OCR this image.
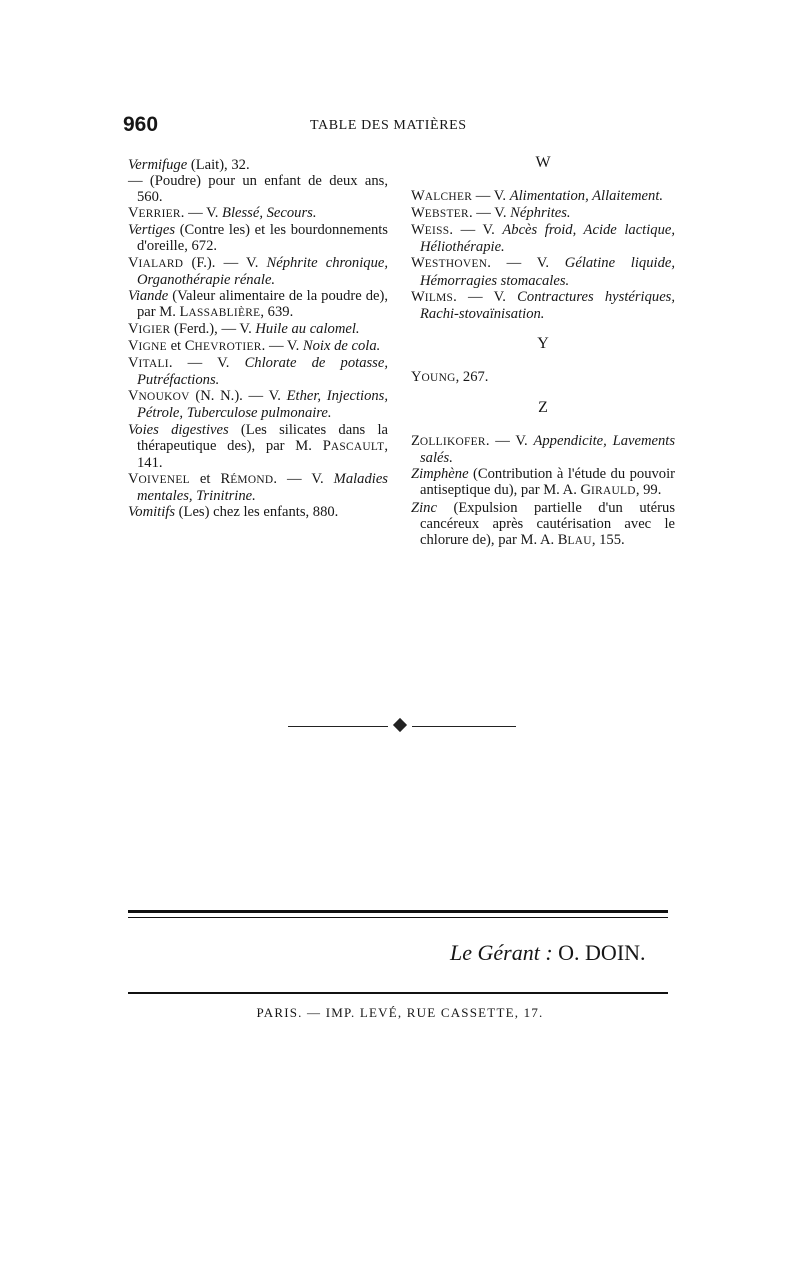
960	TABLE DES MATIÈRES

Vermifuge (Lait), 32.

— (Poudre) pour un enfant de deux ans, 560.

VERRIER. — V. Blessé, Secours.

Vertiges (Contre les) et les bourdonnements d'oreille, 672.

VIALARD (F.). — V. Néphrite chronique, Organothérapie rénale.

Viande (Valeur alimentaire de la poudre de), par M. LASSABLIÈRE, 639.

VIGIER (Ferd.), — V. Huile au calomel.

VIGNE et CHEVROTIER. — V. Noix de cola.

VITALI. — V. Chlorate de potasse, Putréfactions.

VNOUKOV (N. N.). — V. Ether, Injections, Pétrole, Tuberculose pulmonaire.

Voies digestives (Les silicates dans la thérapeutique des), par M. PASCAULT, 141.

VOIVENEL et RÉMOND. — V. Maladies mentales, Trinitrine.

Vomitifs (Les) chez les enfants, 880.

W

WALCHER — V. Alimentation, Allaitement.

WEBSTER. — V. Néphrites.

WEISS. — V. Abcès froid, Acide lactique, Héliothérapie.

WESTHOVEN. — V. Gélatine liquide, Hémorragies stomacales.

WILMS. — V. Contractures hystériques, Rachi-stovaïnisation.

Y

YOUNG, 267.

Z

ZOLLIKOFER. — V. Appendicite, Lavements salés.

Zimphène (Contribution à l'étude du pouvoir antiseptique du), par M. A. GIRAULD, 99.

Zinc (Expulsion partielle d'un utérus cancéreux après cautérisation avec le chlorure de), par M. A. BLAU, 155.

Le Gérant : O. DOIN.
PARIS. — IMP. LEVÉ, RUE CASSETTE, 17.
